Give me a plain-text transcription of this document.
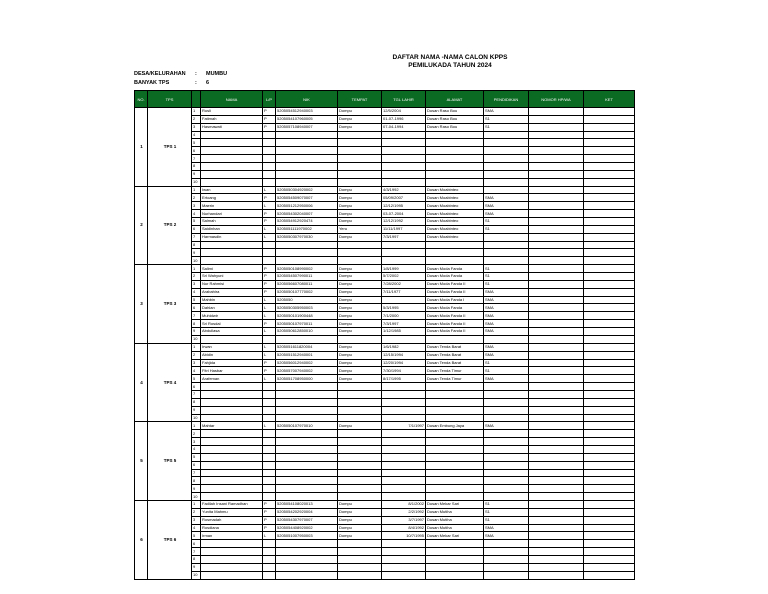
DAFTAR NAMA -NAMA CALON KPPS
PEMILUKADA TAHUN 2024
DESA/KELURAHAN : MUMBU
BANYAK TPS	: 6
NO.	TPS		NAMA	L/P	NIK	TEMPAT	TGL LAHIR	ALAMAT	PENDIDIKAN	NOMOR HP/WA	KET
1	TPS 1	1	Rusli	P	5205054512940003	Dompu	12/5/2004	Dusan Raso Bou	SMA		
		2	Fatimah	P	5205054107960005	Dompu	01-07-1996	Dusan Raso Bou	S1		
		3	Hasmawati	P	5205057108940007	Dompu	07-04-1994	Dusan Raso Bou	S1		
		4									
		5									
		6									
		7									
		8									
		9									
		10									
2	TPS 2	1	Iwan	L	5205050304920002	Dompu	4/3/1992	Dusan Moabinteo			
		2	Ertoang	P	5205054509070007	Dompu	05/09/2007	Dusan Moabinteo	SMA		
		3	Maerin	L	5205051212950006	Dompu	12/12/1995	Dusan Moabinteo	SMA		
		4	Nurhandari	P	5205054302040007	Dompu	03-07-2004	Dusan Moabinteo	SMA		
		5	Salmah	P	5205054912920474	Dompu	12/12/1992	Dusan Moabinteo	S1		
		6	Saidinhan	L	5205051111970002	Yeru	11/11/1997	Dusan Moabinteo	S1		
		7	Harmasdin	L	5205050307970030	Dompu	7/3/1997	Dusan Moabinteo			
		8									
		9									
		10									
3	TPS 3	1	Salimi	P	5205050108990002	Dompu	1/8/1999	Dusan Moda Fanda	S1		
		2	Sri Wahyuni	P	5205054507990011	Dompu	5/7/2002	Dusan Moda Fanda	S1		
		3	Nur Rahmisi	P	5205056607080011	Dompu	7/28/2002	Dusan Moda Fanda II	S1		
		4	Arabahira	P	5205050107770002	Dompu	7/11/1977	Dusan Moda Fanda II	SMA		
		5	Mahbin	L	5205050	Dompu		Dusan Moda Fanda I	SMA		
		6	Dahlan	L	5205050305950003	Dompu	5/3/1995	Dusan Moda Fanda	SMA		
		7	Muhidwir	L	5205050101900448	Dompu	7/1/2000	Dusan Moda Fanda II	SMA		
		8	Sri Rosdal	P	5205050107970011	Dompu	7/3/1997	Dusan Moda Fanda II	SMA		
		9	Abdullasa	L	5205050612850010	Dompu	1/12/1985	Dusan Moda Fanda II	SMA		
		10									
4	TPS 4	1	Irwan	L	5205051611820004	Dompu	1/6/1982	Dusan Tenda Barat	SMA		
		2	Abidin	L	5205051512940001	Dompu	12/15/1994	Dusan Tenda Barat	SMA		
		3	Fahjida	P	5205056012940002	Dompu	12/20/1994	Dusan Tenda Barat	S1		
		4	Fitri Hasbar	P	5205057007940002	Dompu	7/30/1994	Dusan Tenda Timur	S1		
		5	Arafeman	L	5205051708950000	Dompu	8/17/1995	Dusan Tenda Timur	SMA		
		6									
		7									
		8									
		9									
		10									
5	TPS 5	1	Mahtar	L	5205050107970010	Dompu	7/1/1997	Dusan Embung Jaya	SMA		
		2									
		3									
		4									
		5									
		6									
		7									
		8									
		9									
		10									
6	TPS 6	1	Fadilah Insani Ramadhan	P	5205054108020013	Dompu	8/1/2002	Dusan Mekar Sari	S1		
		2	Yunita Mahmu	P	5205054202920004	Dompu	2/2/1992	Dusan Mutiha	S1		
		3	Rosmadah	P	5205054307970007	Dompu	3/7/1997	Dusan Mutiha	S1		
		4	Rosdiana	P	5205054408920002	Dompu	8/4/1992	Dusan Mutiha	SMA		
		5	Irman	L	5205051007950003	Dompu	10/7/1995	Dusan Mekar Sari	SMA		
		6									
		7									
		8									
		9									
		10									
